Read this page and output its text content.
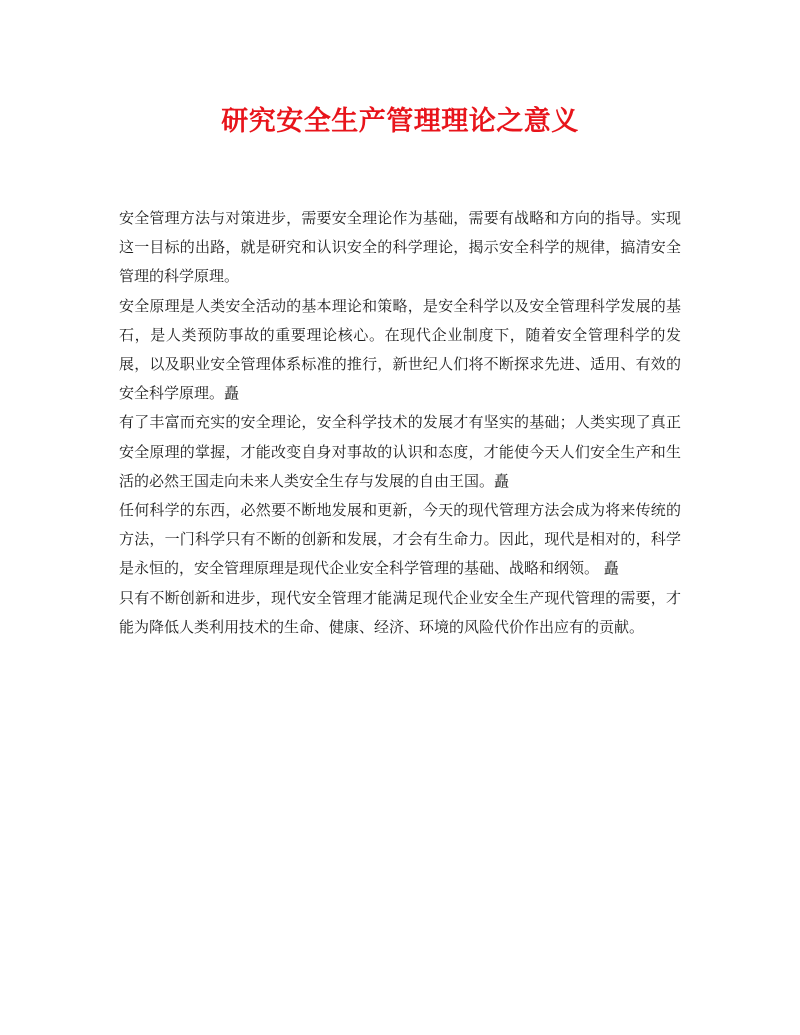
研究安全生产管理理论之意义

安全管理方法与对策进步，需要安全理论作为基础，需要有战略和方向的指导。实现这一目标的出路，就是研究和认识安全的科学理论，揭示安全科学的规律，搞清安全管理的科学原理。

安全原理是人类安全活动的基本理论和策略，是安全科学以及安全管理科学发展的基石，是人类预防事故的重要理论核心。在现代企业制度下，随着安全管理科学的发展，以及职业安全管理体系标准的推行，新世纪人们将不断探求先进、适用、有效的安全科学原理。矗

有了丰富而充实的安全理论，安全科学技术的发展才有坚实的基础；人类实现了真正安全原理的掌握，才能改变自身对事故的认识和态度，才能使今天人们安全生产和生活的必然王国走向未来人类安全生存与发展的自由王国。矗

任何科学的东西，必然要不断地发展和更新，今天的现代管理方法会成为将来传统的方法，一门科学只有不断的创新和发展，才会有生命力。因此，现代是相对的，科学是永恒的，安全管理原理是现代企业安全科学管理的基础、战略和纲领。 矗

只有不断创新和进步，现代安全管理才能满足现代企业安全生产现代管理的需要，才能为降低人类利用技术的生命、健康、经济、环境的风险代价作出应有的贡献。
